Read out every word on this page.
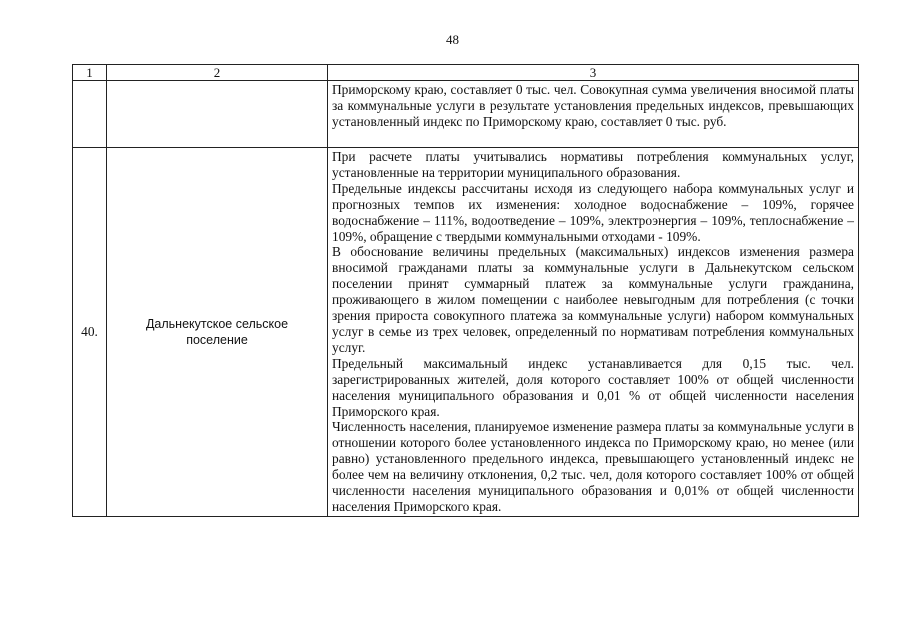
48
1	2	3

		Приморскому краю, составляет 0 тыс. чел. Совокупная сумма увеличения вносимой платы за коммунальные услуги в результате установления предельных индексов, превышающих установленный индекс по Приморскому краю, составляет 0 тыс. руб.

40.	Дальнекутское сельское поселение	При расчете платы учитывались нормативы потребления коммунальных услуг, установленные на территории муниципального образования.

Предельные индексы рассчитаны исходя из следующего набора коммунальных услуг и прогнозных темпов их изменения: холодное водоснабжение – 109%, горячее водоснабжение – 111%, водоотведение – 109%, электроэнергия – 109%, теплоснабжение – 109%, обращение с твердыми коммунальными отходами - 109%.

В обоснование величины предельных (максимальных) индексов изменения размера вносимой гражданами платы за коммунальные услуги в Дальнекутском сельском поселении принят суммарный платеж за коммунальные услуги гражданина, проживающего в жилом помещении с наиболее невыгодным для потребления (с точки зрения прироста совокупного платежа за коммунальные услуги) набором коммунальных услуг в семье из трех человек, определенный по нормативам потребления коммунальных услуг.

Предельный максимальный индекс устанавливается для 0,15 тыс. чел. зарегистрированных жителей, доля которого составляет 100% от общей численности населения муниципального образования и 0,01 % от общей численности населения Приморского края.

Численность населения, планируемое изменение размера платы за коммунальные услуги в отношении которого более установленного индекса по Приморскому краю, но менее (или равно) установленного предельного индекса, превышающего установленный индекс не более чем на величину отклонения, 0,2 тыс. чел, доля которого составляет 100% от общей численности населения муниципального образования и 0,01% от общей численности населения Приморского края.
